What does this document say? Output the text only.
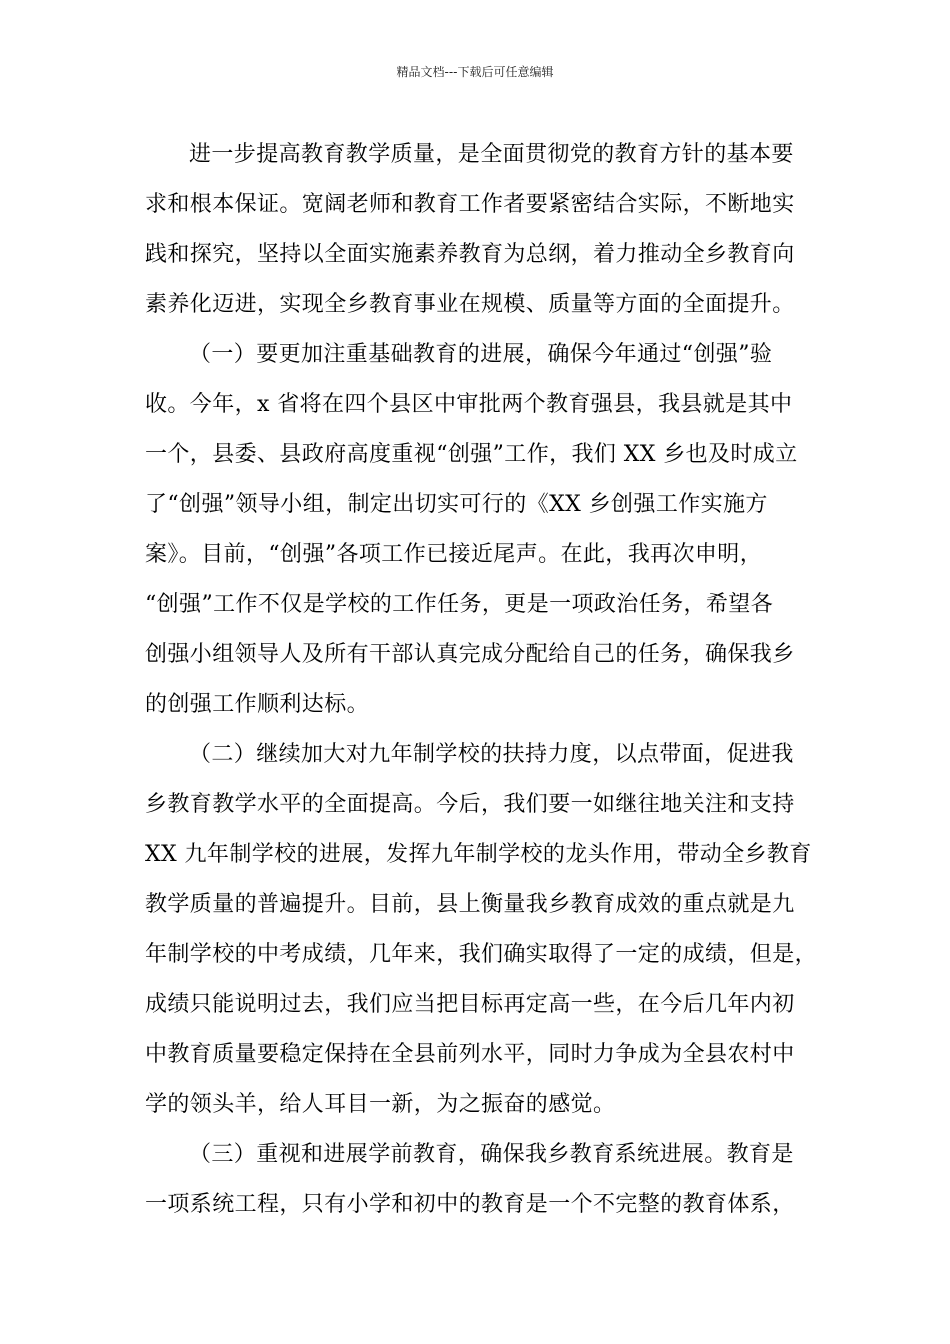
精品文档---下载后可任意编辑
进一步提高教育教学质量，是全面贯彻党的教育方针的基本要
求和根本保证。宽阔老师和教育工作者要紧密结合实际，不断地实
践和探究，坚持以全面实施素养教育为总纲，着力推动全乡教育向
素养化迈进，实现全乡教育事业在规模、质量等方面的全面提升。
（一）要更加注重基础教育的进展，确保今年通过“创强”验
收。今年，x 省将在四个县区中审批两个教育强县，我县就是其中
一个，县委、县政府高度重视“创强”工作，我们 XX 乡也及时成立
了“创强”领导小组，制定出切实可行的《XX 乡创强工作实施方
案》。目前，“创强”各项工作已接近尾声。在此，我再次申明，
“创强”工作不仅是学校的工作任务，更是一项政治任务，希望各
创强小组领导人及所有干部认真完成分配给自己的任务，确保我乡
的创强工作顺利达标。
（二）继续加大对九年制学校的扶持力度，以点带面，促进我
乡教育教学水平的全面提高。今后，我们要一如继往地关注和支持
XX 九年制学校的进展，发挥九年制学校的龙头作用，带动全乡教育
教学质量的普遍提升。目前，县上衡量我乡教育成效的重点就是九
年制学校的中考成绩，几年来，我们确实取得了一定的成绩，但是，
成绩只能说明过去，我们应当把目标再定高一些，在今后几年内初
中教育质量要稳定保持在全县前列水平，同时力争成为全县农村中
学的领头羊，给人耳目一新，为之振奋的感觉。
（三）重视和进展学前教育，确保我乡教育系统进展。教育是
一项系统工程，只有小学和初中的教育是一个不完整的教育体系，
